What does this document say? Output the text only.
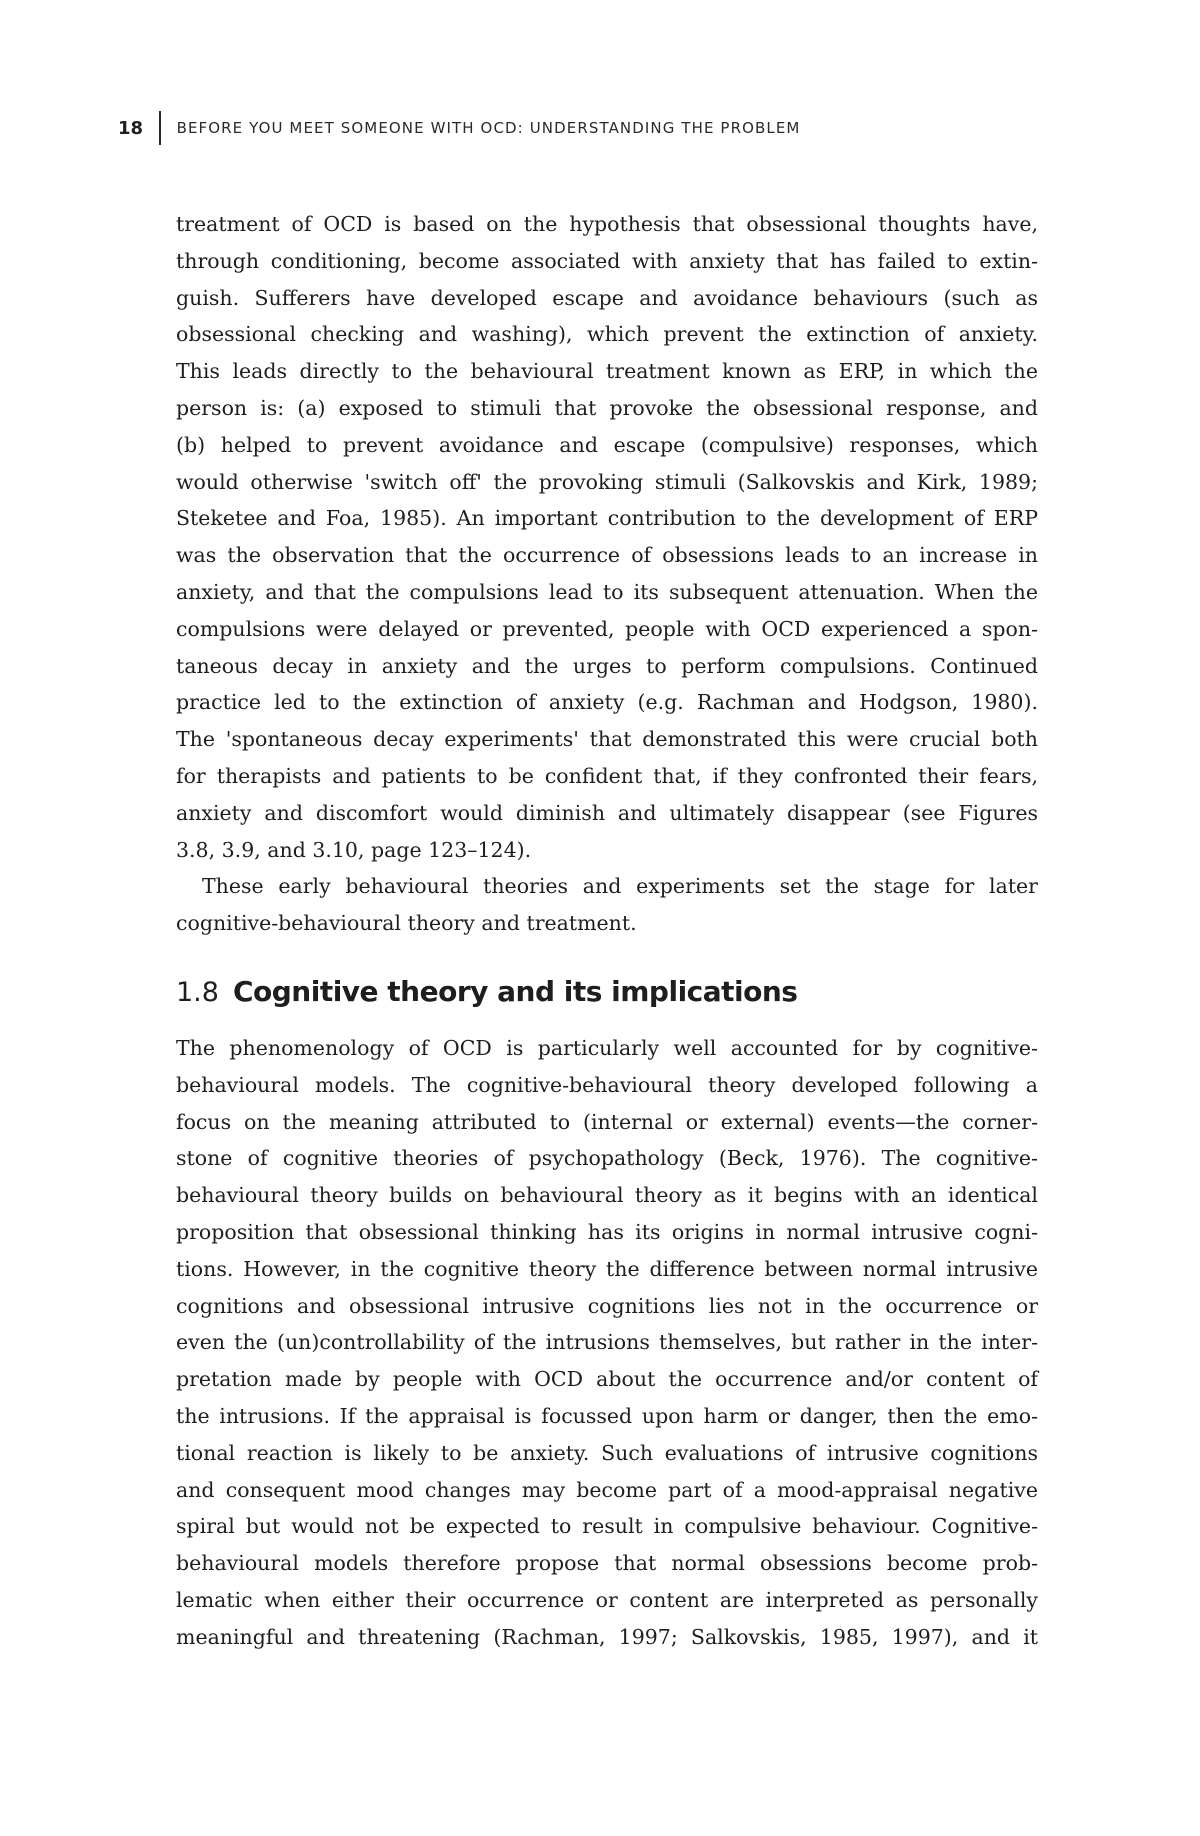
18 BEFORE YOU MEET SOMEONE WITH OCD: UNDERSTANDING THE PROBLEM
treatment of OCD is based on the hypothesis that obsessional thoughts have,
through conditioning, become associated with anxiety that has failed to extin-
guish. Sufferers have developed escape and avoidance behaviours (such as
obsessional checking and washing), which prevent the extinction of anxiety.
This leads directly to the behavioural treatment known as ERP, in which the
person is: (a) exposed to stimuli that provoke the obsessional response, and
(b) helped to prevent avoidance and escape (compulsive) responses, which
would otherwise 'switch off' the provoking stimuli (Salkovskis and Kirk, 1989;
Steketee and Foa, 1985). An important contribution to the development of ERP
was the observation that the occurrence of obsessions leads to an increase in
anxiety, and that the compulsions lead to its subsequent attenuation. When the
compulsions were delayed or prevented, people with OCD experienced a spon-
taneous decay in anxiety and the urges to perform compulsions. Continued
practice led to the extinction of anxiety (e.g. Rachman and Hodgson, 1980).
The 'spontaneous decay experiments' that demonstrated this were crucial both
for therapists and patients to be confident that, if they confronted their fears,
anxiety and discomfort would diminish and ultimately disappear (see Figures
3.8, 3.9, and 3.10, page 123–124).
These early behavioural theories and experiments set the stage for later
cognitive-behavioural theory and treatment.
1.8 Cognitive theory and its implications
The phenomenology of OCD is particularly well accounted for by cognitive-
behavioural models. The cognitive-behavioural theory developed following a
focus on the meaning attributed to (internal or external) events—the corner-
stone of cognitive theories of psychopathology (Beck, 1976). The cognitive-
behavioural theory builds on behavioural theory as it begins with an identical
proposition that obsessional thinking has its origins in normal intrusive cogni-
tions. However, in the cognitive theory the difference between normal intrusive
cognitions and obsessional intrusive cognitions lies not in the occurrence or
even the (un)controllability of the intrusions themselves, but rather in the inter-
pretation made by people with OCD about the occurrence and/or content of
the intrusions. If the appraisal is focussed upon harm or danger, then the emo-
tional reaction is likely to be anxiety. Such evaluations of intrusive cognitions
and consequent mood changes may become part of a mood-appraisal negative
spiral but would not be expected to result in compulsive behaviour. Cognitive-
behavioural models therefore propose that normal obsessions become prob-
lematic when either their occurrence or content are interpreted as personally
meaningful and threatening (Rachman, 1997; Salkovskis, 1985, 1997), and it
